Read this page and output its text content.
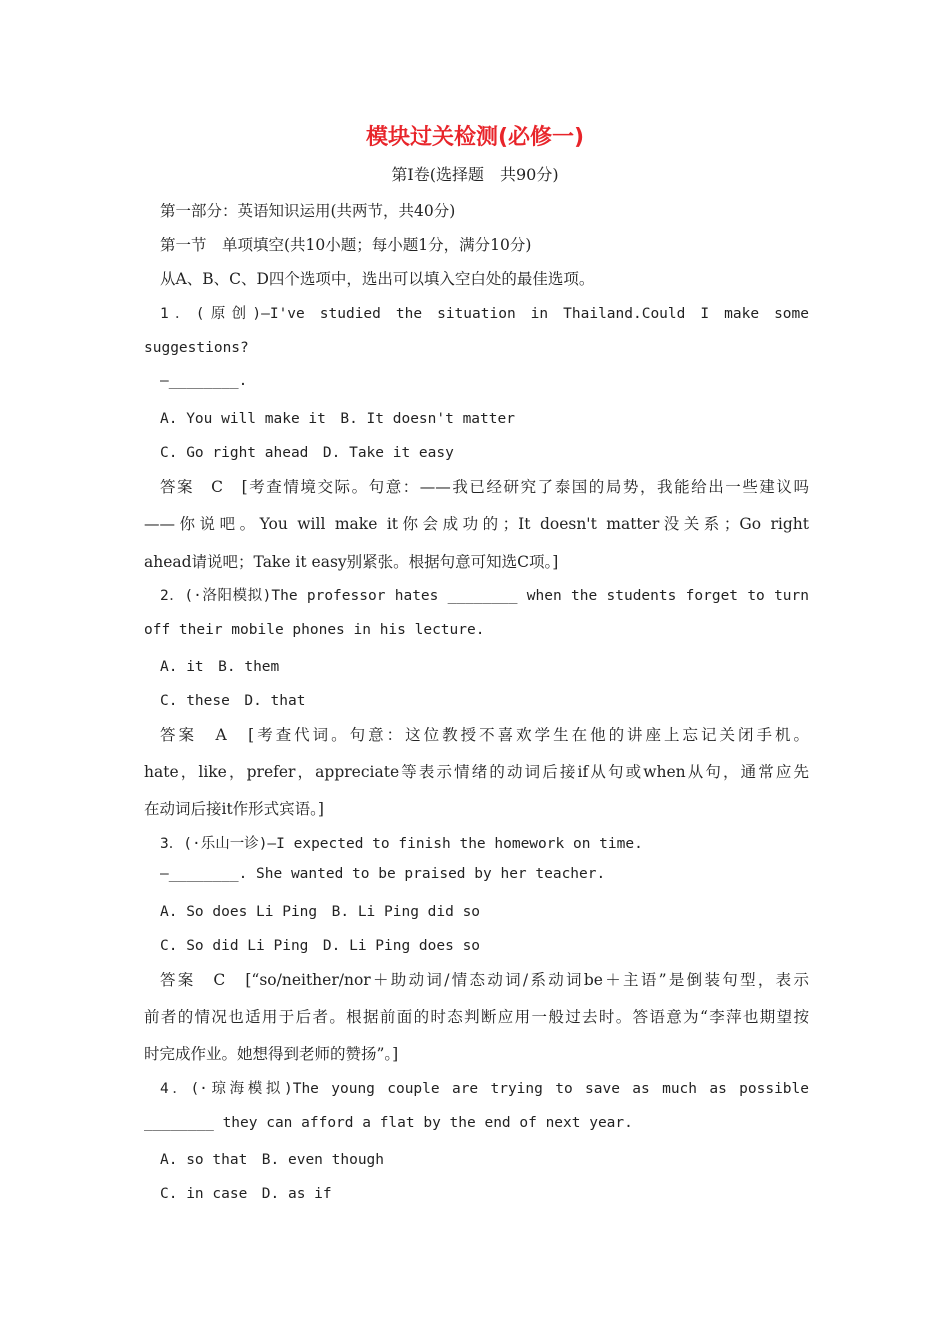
模块过关检测(必修一)
第Ⅰ卷(选择题　共90分)
第一部分：英语知识运用(共两节，共40分)
第一节　单项填空(共10小题；每小题1分，满分10分)
从A、B、C、D四个选项中，选出可以填入空白处的最佳选项。
1．(原创)—I've studied the situation in Thailand.Could I make some
suggestions?
—________.
A. You will make it　B. It doesn't matter
C. Go right ahead　D. Take it easy
答案　C　[考查情境交际。句意：——我已经研究了泰国的局势，我能给出一些建议吗
——你说吧。You will make it你会成功的；It doesn't matter没关系；Go right
ahead请说吧；Take it easy别紧张。根据句意可知选C项。]
2．(·洛阳模拟)The professor hates ________ when the students forget to turn
off their mobile phones in his lecture.
A. it　B. them
C. these　D. that
答案　A　[考查代词。句意：这位教授不喜欢学生在他的讲座上忘记关闭手机。
hate，like，prefer，appreciate等表示情绪的动词后接if从句或when从句，通常应先
在动词后接it作形式宾语。]
3．(·乐山一诊)—I expected to finish the homework on time.
—________. She wanted to be praised by her teacher.
A. So does Li Ping　B. Li Ping did so
C. So did Li Ping　D. Li Ping does so
答案　C　[“so/neither/nor＋助动词/情态动词/系动词be＋主语”是倒装句型，表示
前者的情况也适用于后者。根据前面的时态判断应用一般过去时。答语意为“李萍也期望按
时完成作业。她想得到老师的赞扬”。]
4．(·琼海模拟)The young couple are trying to save as much as possible
________ they can afford a flat by the end of next year.
A. so that　B. even though
C. in case　D. as if
